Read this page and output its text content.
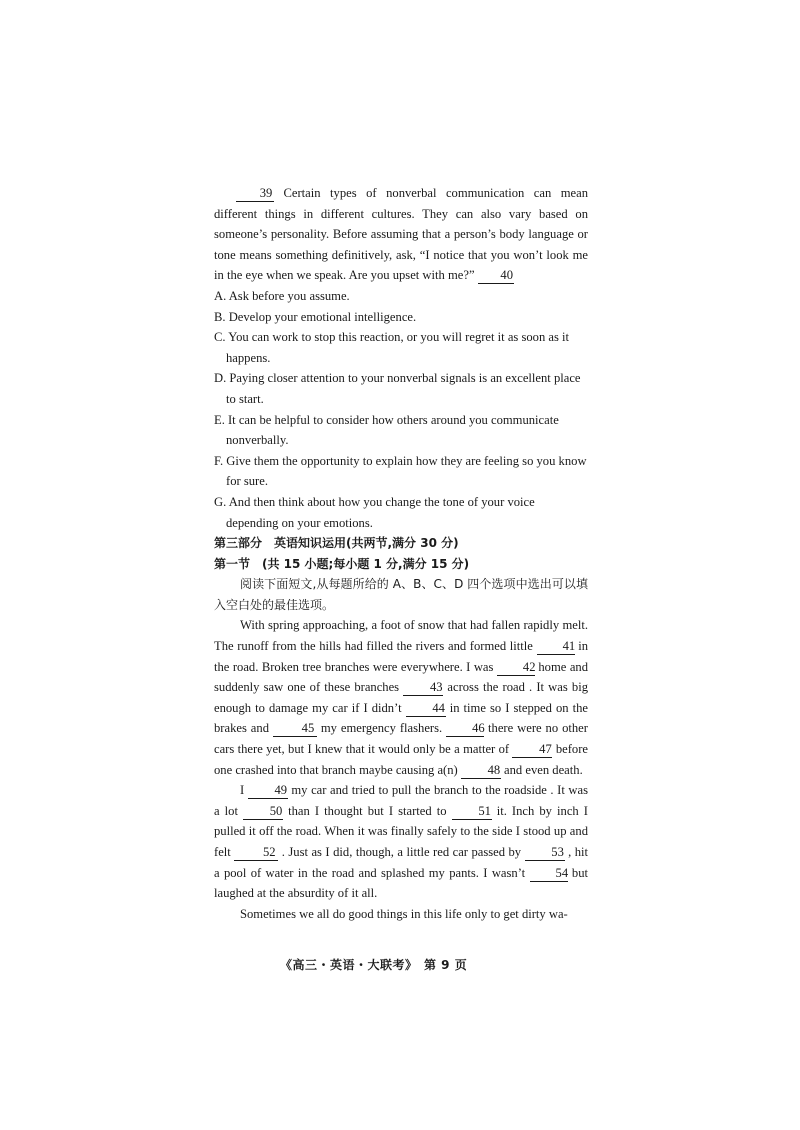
39 Certain types of nonverbal communication can mean different things in different cultures. They can also vary based on someone’s personality. Before assuming that a person’s body language or tone means something definitively, ask, “I notice that you won’t look me in the eye when we speak. Are you upset with me?” 40

A. Ask before you assume.

B. Develop your emotional intelligence.

C. You can work to stop this reaction, or you will regret it as soon as it happens.

D. Paying closer attention to your nonverbal signals is an excellent place to start.

E. It can be helpful to consider how others around you communicate nonverbally.

F. Give them the opportunity to explain how they are feeling so you know for sure.

G. And then think about how you change the tone of your voice depending on your emotions.

第三部分　英语知识运用(共两节,满分 30 分)

第一节　(共 15 小题;每小题 1 分,满分 15 分)

阅读下面短文,从每题所给的 A、B、C、D 四个选项中选出可以填入空白处的最佳选项。

With spring approaching, a foot of snow that had fallen rapidly melt. The runoff from the hills had filled the rivers and formed little 41 in the road. Broken tree branches were everywhere. I was 42 home and suddenly saw one of these branches 43 across the road . It was big enough to damage my car if I didn’t 44 in time so I stepped on the brakes and	45 my emergency flashers. 46 there were no other cars there yet, but I knew that it would only be a matter of 47 before one crashed into that branch maybe causing a(n) 48 and even death.

I 49 my car and tried to pull the branch to the roadside . It was a lot	50 than I thought but I started to	51 it. Inch by inch I pulled it off the road. When it was finally safely to the side I stood up and felt	52 . Just as I did, though, a little red car passed by 53 , hit a pool of water in the road and splashed my pants. I wasn’t 54 but laughed at the absurdity of it all.

Sometimes we all do good things in this life only to get dirty wa-

《高三・英语・大联考》　第 9 页
